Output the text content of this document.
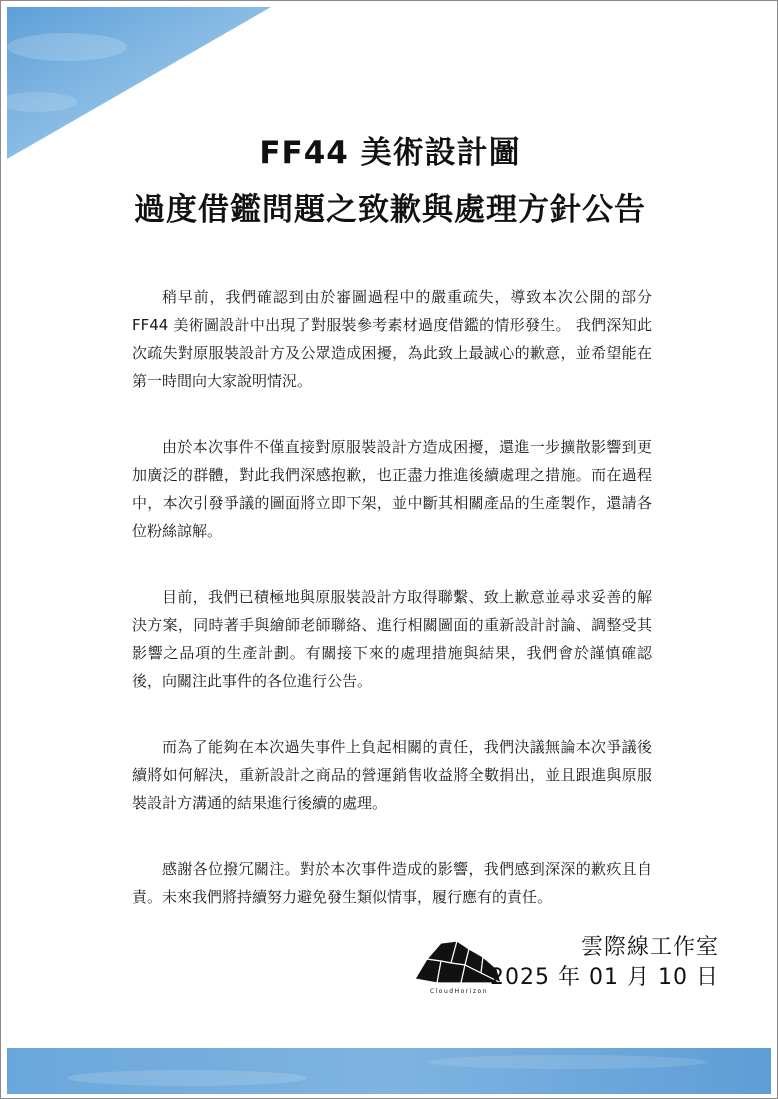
FF44 美術設計圖
過度借鑑問題之致歉與處理方針公告

稍早前，我們確認到由於審圖過程中的嚴重疏失，導致本次公開的部分 FF44 美術圖設計中出現了對服裝參考素材過度借鑑的情形發生。 我們深知此次疏失對原服裝設計方及公眾造成困擾，為此致上最誠心的歉意，並希望能在第一時間向大家說明情況。

由於本次事件不僅直接對原服裝設計方造成困擾，還進一步擴散影響到更加廣泛的群體，對此我們深感抱歉，也正盡力推進後續處理之措施。而在過程中，本次引發爭議的圖面將立即下架，並中斷其相關產品的生產製作，還請各位粉絲諒解。

目前，我們已積極地與原服裝設計方取得聯繫、致上歉意並尋求妥善的解決方案，同時著手與繪師老師聯絡、進行相關圖面的重新設計討論、調整受其影響之品項的生產計劃。有關接下來的處理措施與結果，我們會於謹慎確認後，向關注此事件的各位進行公告。

而為了能夠在本次過失事件上負起相關的責任，我們決議無論本次爭議後續將如何解決，重新設計之商品的營運銷售收益將全數捐出，並且跟進與原服裝設計方溝通的結果進行後續的處理。

感謝各位撥冗關注。對於本次事件造成的影響，我們感到深深的歉疚且自責。未來我們將持續努力避免發生類似情事，履行應有的責任。

CloudHorizon
雲際線工作室
2025 年 01 月 10 日
